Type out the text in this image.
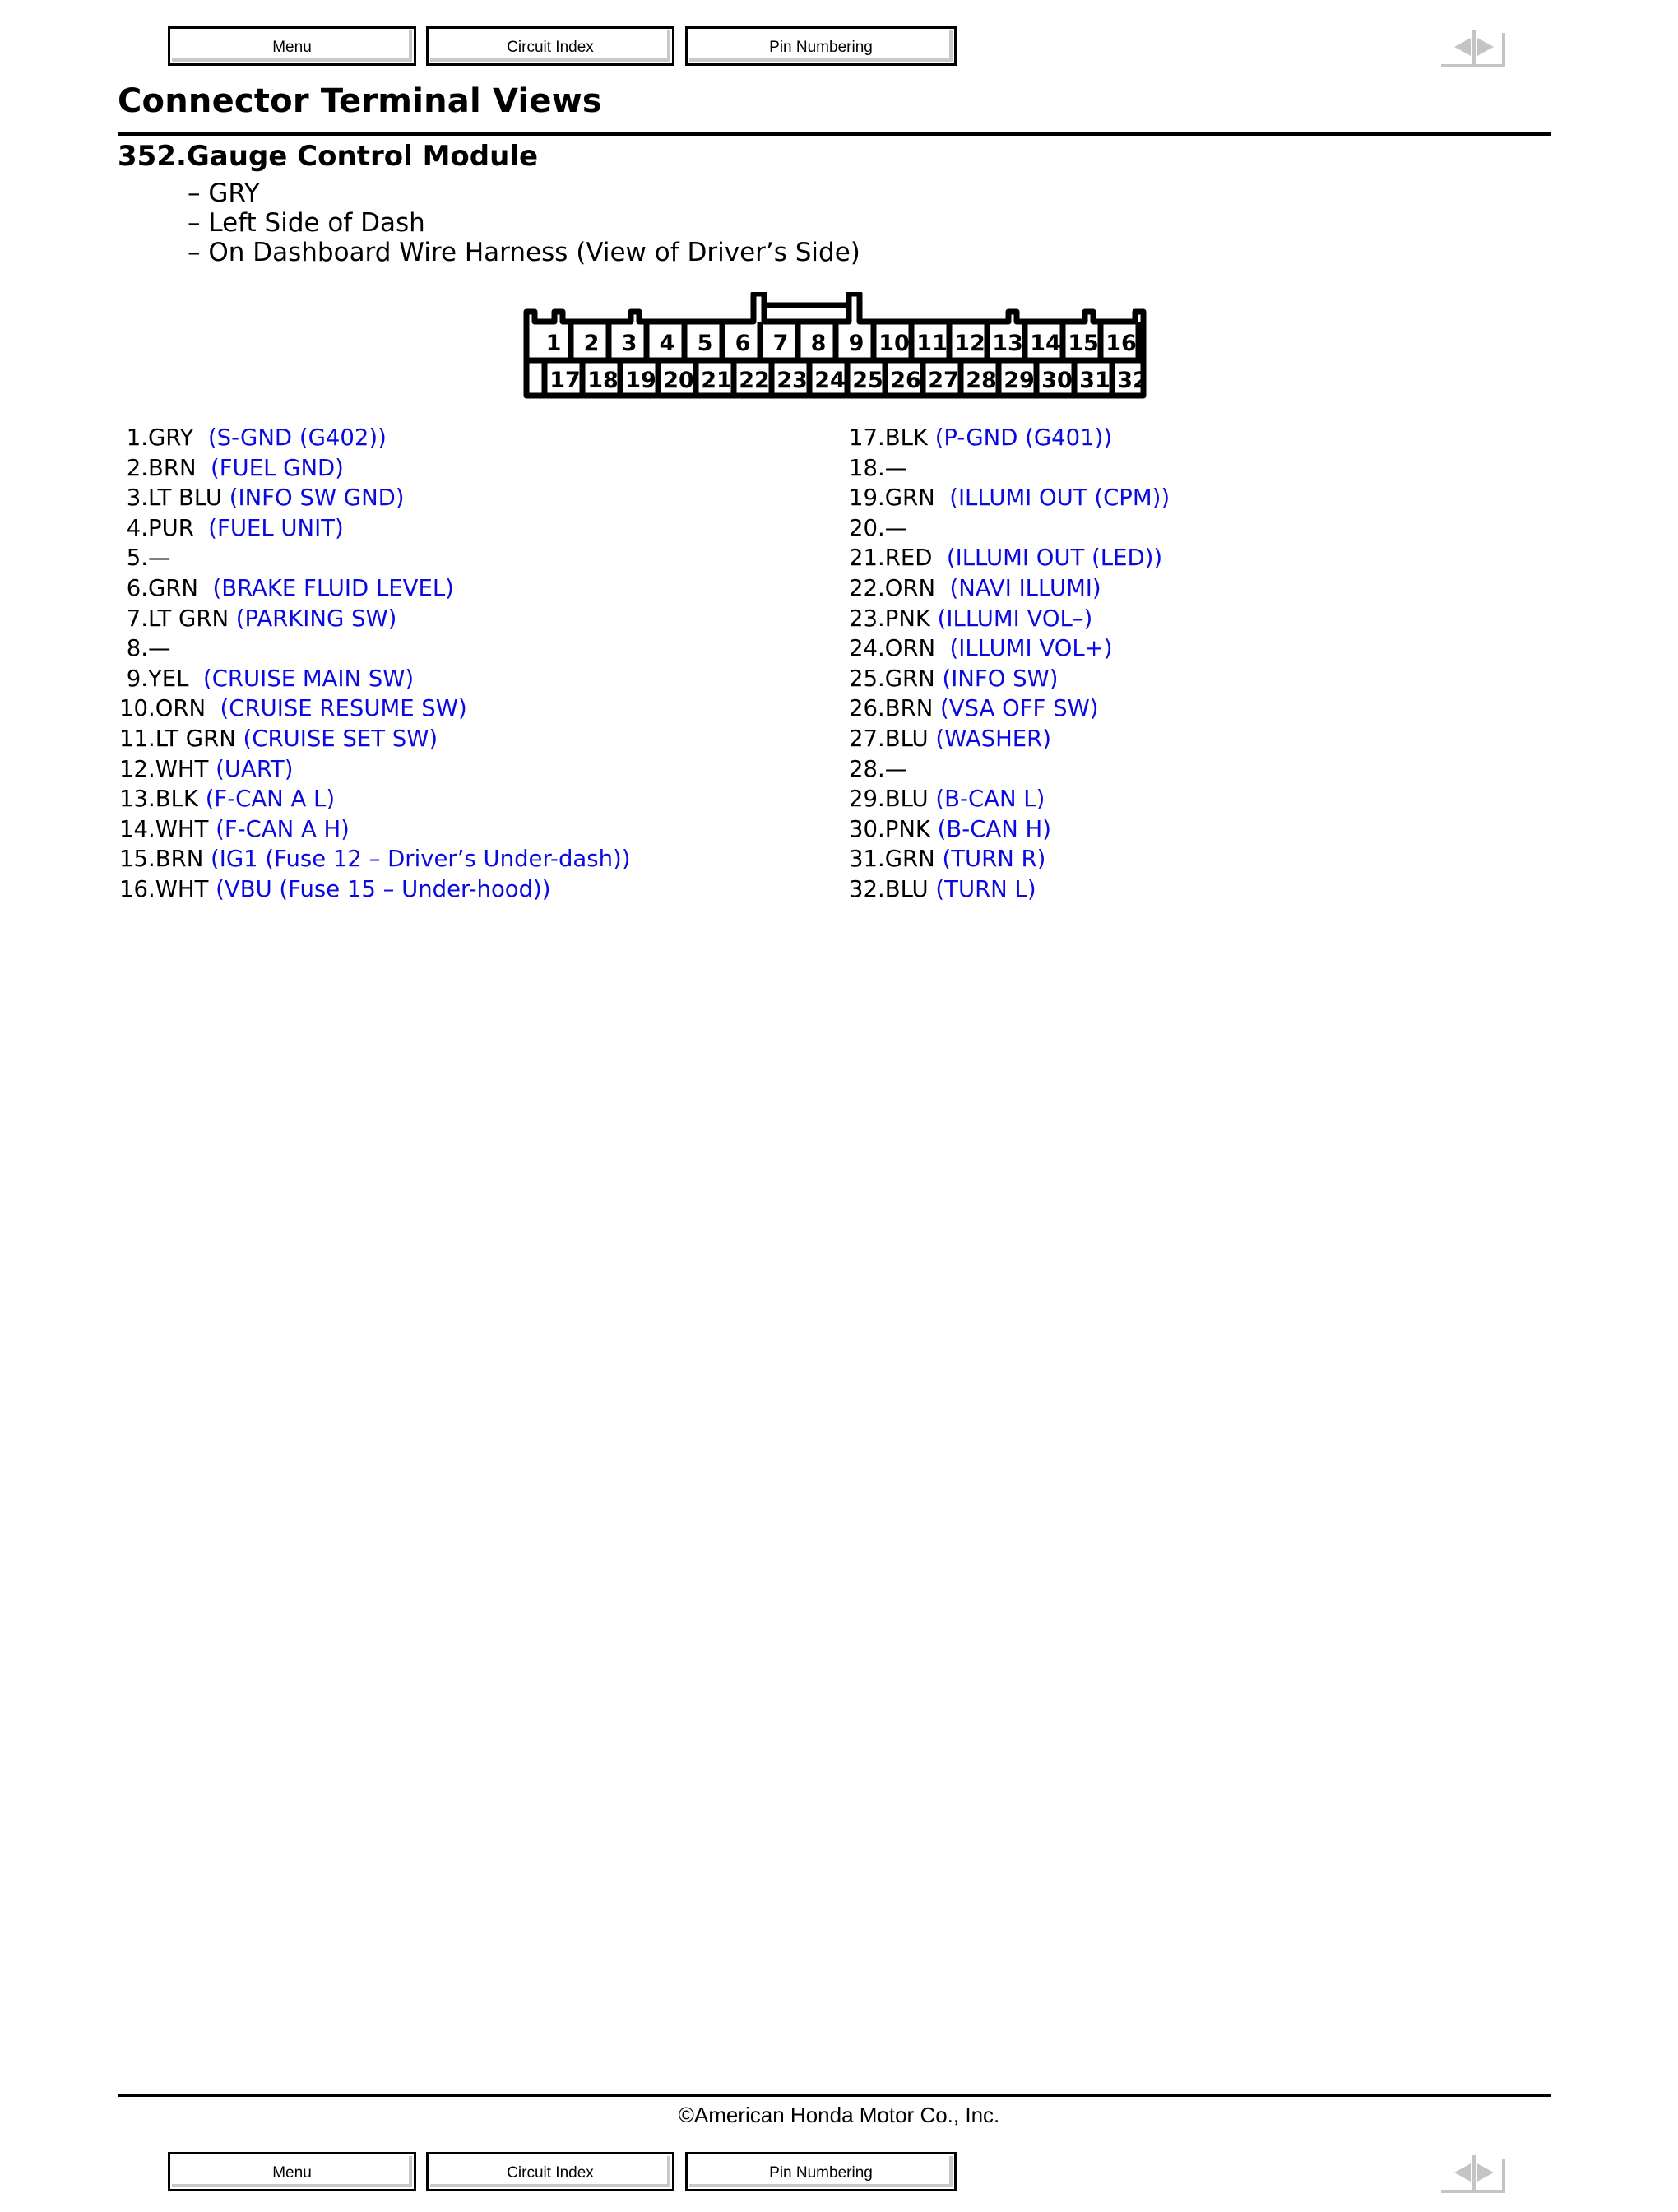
Menu	Circuit Index	Pin Numbering
Connector Terminal Views
352.Gauge Control Module
– GRY
– Left Side of Dash
– On Dashboard Wire Harness (View of Driver’s Side)
1 2 3 4 5 6 7 8 9 10 11 12 13 14 15 16
17 18 19 20 21 22 23 24 25 26 27 28 29 30 31 32
1.GRY  (S-GND (G402))
2.BRN  (FUEL GND)
3.LT BLU (INFO SW GND)
4.PUR  (FUEL UNIT)
5.—
6.GRN  (BRAKE FLUID LEVEL)
7.LT GRN (PARKING SW)
8.—
9.YEL  (CRUISE MAIN SW)
10.ORN  (CRUISE RESUME SW)
11.LT GRN (CRUISE SET SW)
12.WHT (UART)
13.BLK (F-CAN A L)
14.WHT (F-CAN A H)
15.BRN (IG1 (Fuse 12 – Driver’s Under-dash))
16.WHT (VBU (Fuse 15 – Under-hood))
17.BLK (P-GND (G401))
18.—
19.GRN  (ILLUMI OUT (CPM))
20.—
21.RED  (ILLUMI OUT (LED))
22.ORN  (NAVI ILLUMI)
23.PNK (ILLUMI VOL–)
24.ORN  (ILLUMI VOL+)
25.GRN (INFO SW)
26.BRN (VSA OFF SW)
27.BLU (WASHER)
28.—
29.BLU (B-CAN L)
30.PNK (B-CAN H)
31.GRN (TURN R)
32.BLU (TURN L)
©American Honda Motor Co., Inc.
Menu	Circuit Index	Pin Numbering
